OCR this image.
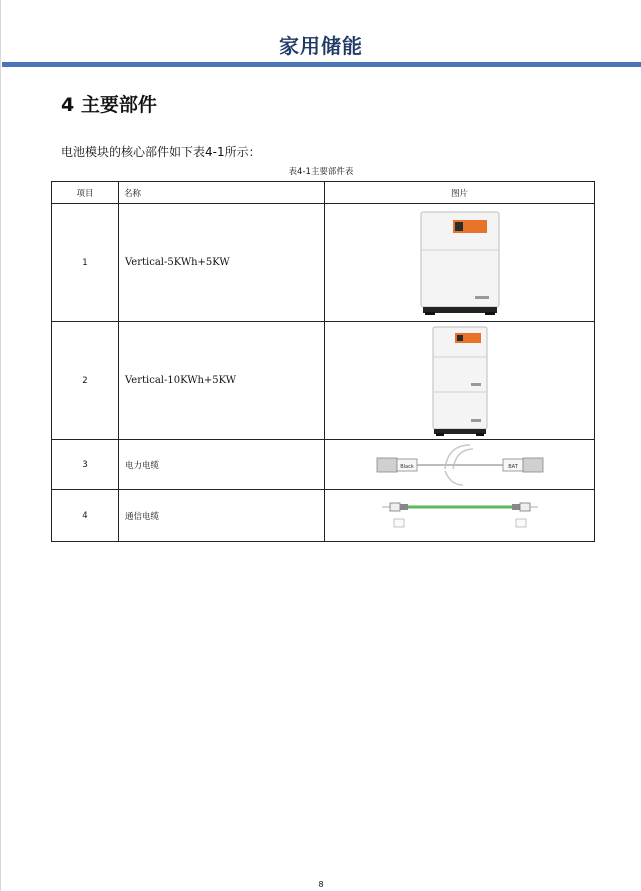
家用储能
4 主要部件
电池模块的核心部件如下表4-1所示：
表4-1主要部件表
项目	名称	图片
1	Vertical-5KWh+5KW	

2	Vertical-10KWh+5KW	

3	电力电缆	Black BAT

4	通信电缆	
8
